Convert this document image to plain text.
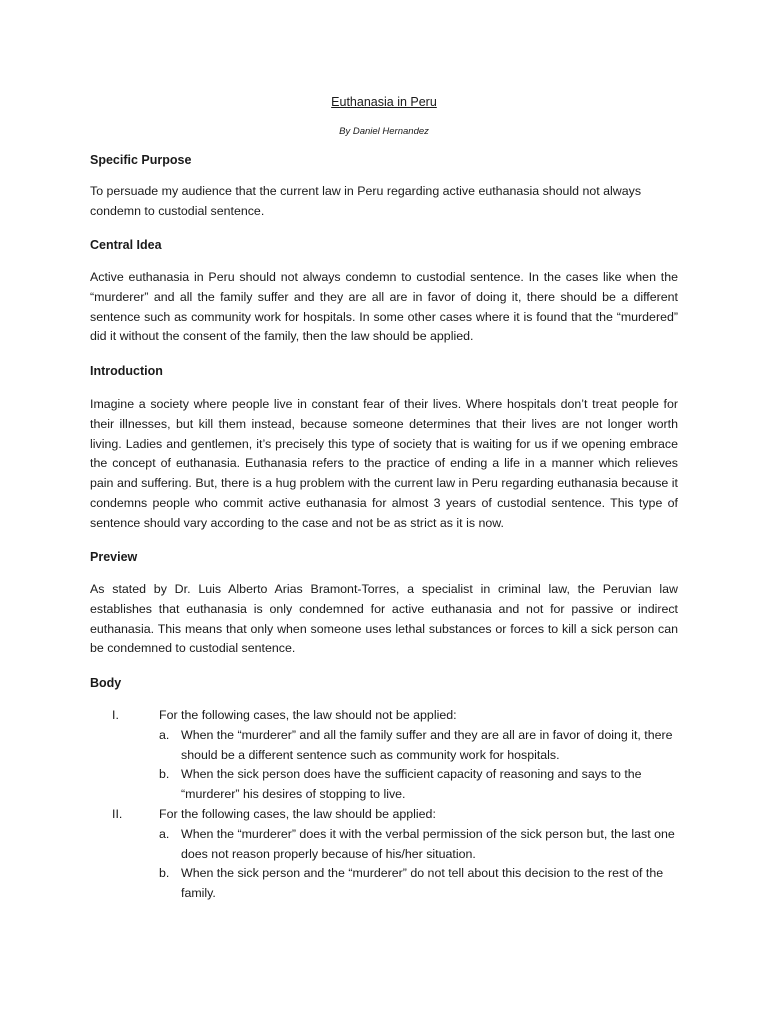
Euthanasia in Peru
By Daniel Hernandez
Specific Purpose

To persuade my audience that the current law in Peru regarding active euthanasia should not always condemn to custodial sentence.

Central Idea

Active euthanasia in Peru should not always condemn to custodial sentence. In the cases like when the “murderer” and all the family suffer and they are all are in favor of doing it, there should be a different sentence such as community work for hospitals. In some other cases where it is found that the “murdered” did it without the consent of the family, then the law should be applied.

Introduction

Imagine a society where people live in constant fear of their lives. Where hospitals don’t treat people for their illnesses, but kill them instead, because someone determines that their lives are not longer worth living. Ladies and gentlemen, it’s precisely this type of society that is waiting for us if we opening embrace the concept of euthanasia. Euthanasia refers to the practice of ending a life in a manner which relieves pain and suffering. But, there is a hug problem with the current law in Peru regarding euthanasia because it condemns people who commit active euthanasia for almost 3 years of custodial sentence. This type of sentence should vary according to the case and not be as strict as it is now.

Preview

As stated by Dr. Luis Alberto Arias Bramont-Torres, a specialist in criminal law, the Peruvian law establishes that euthanasia is only condemned for active euthanasia and not for passive or indirect euthanasia. This means that only when someone uses lethal substances or forces to kill a sick person can be condemned to custodial sentence.

Body
I.	For the following cases, the law should not be applied:
a. When the “murderer” and all the family suffer and they are all are in favor of doing it, there should be a different sentence such as community work for hospitals.
b. When the sick person does have the sufficient capacity of reasoning and says to the “murderer” his desires of stopping to live.
II.	For the following cases, the law should be applied:
a. When the “murderer” does it with the verbal permission of the sick person but, the last one does not reason properly because of his/her situation.
b. When the sick person and the “murderer” do not tell about this decision to the rest of the family.
